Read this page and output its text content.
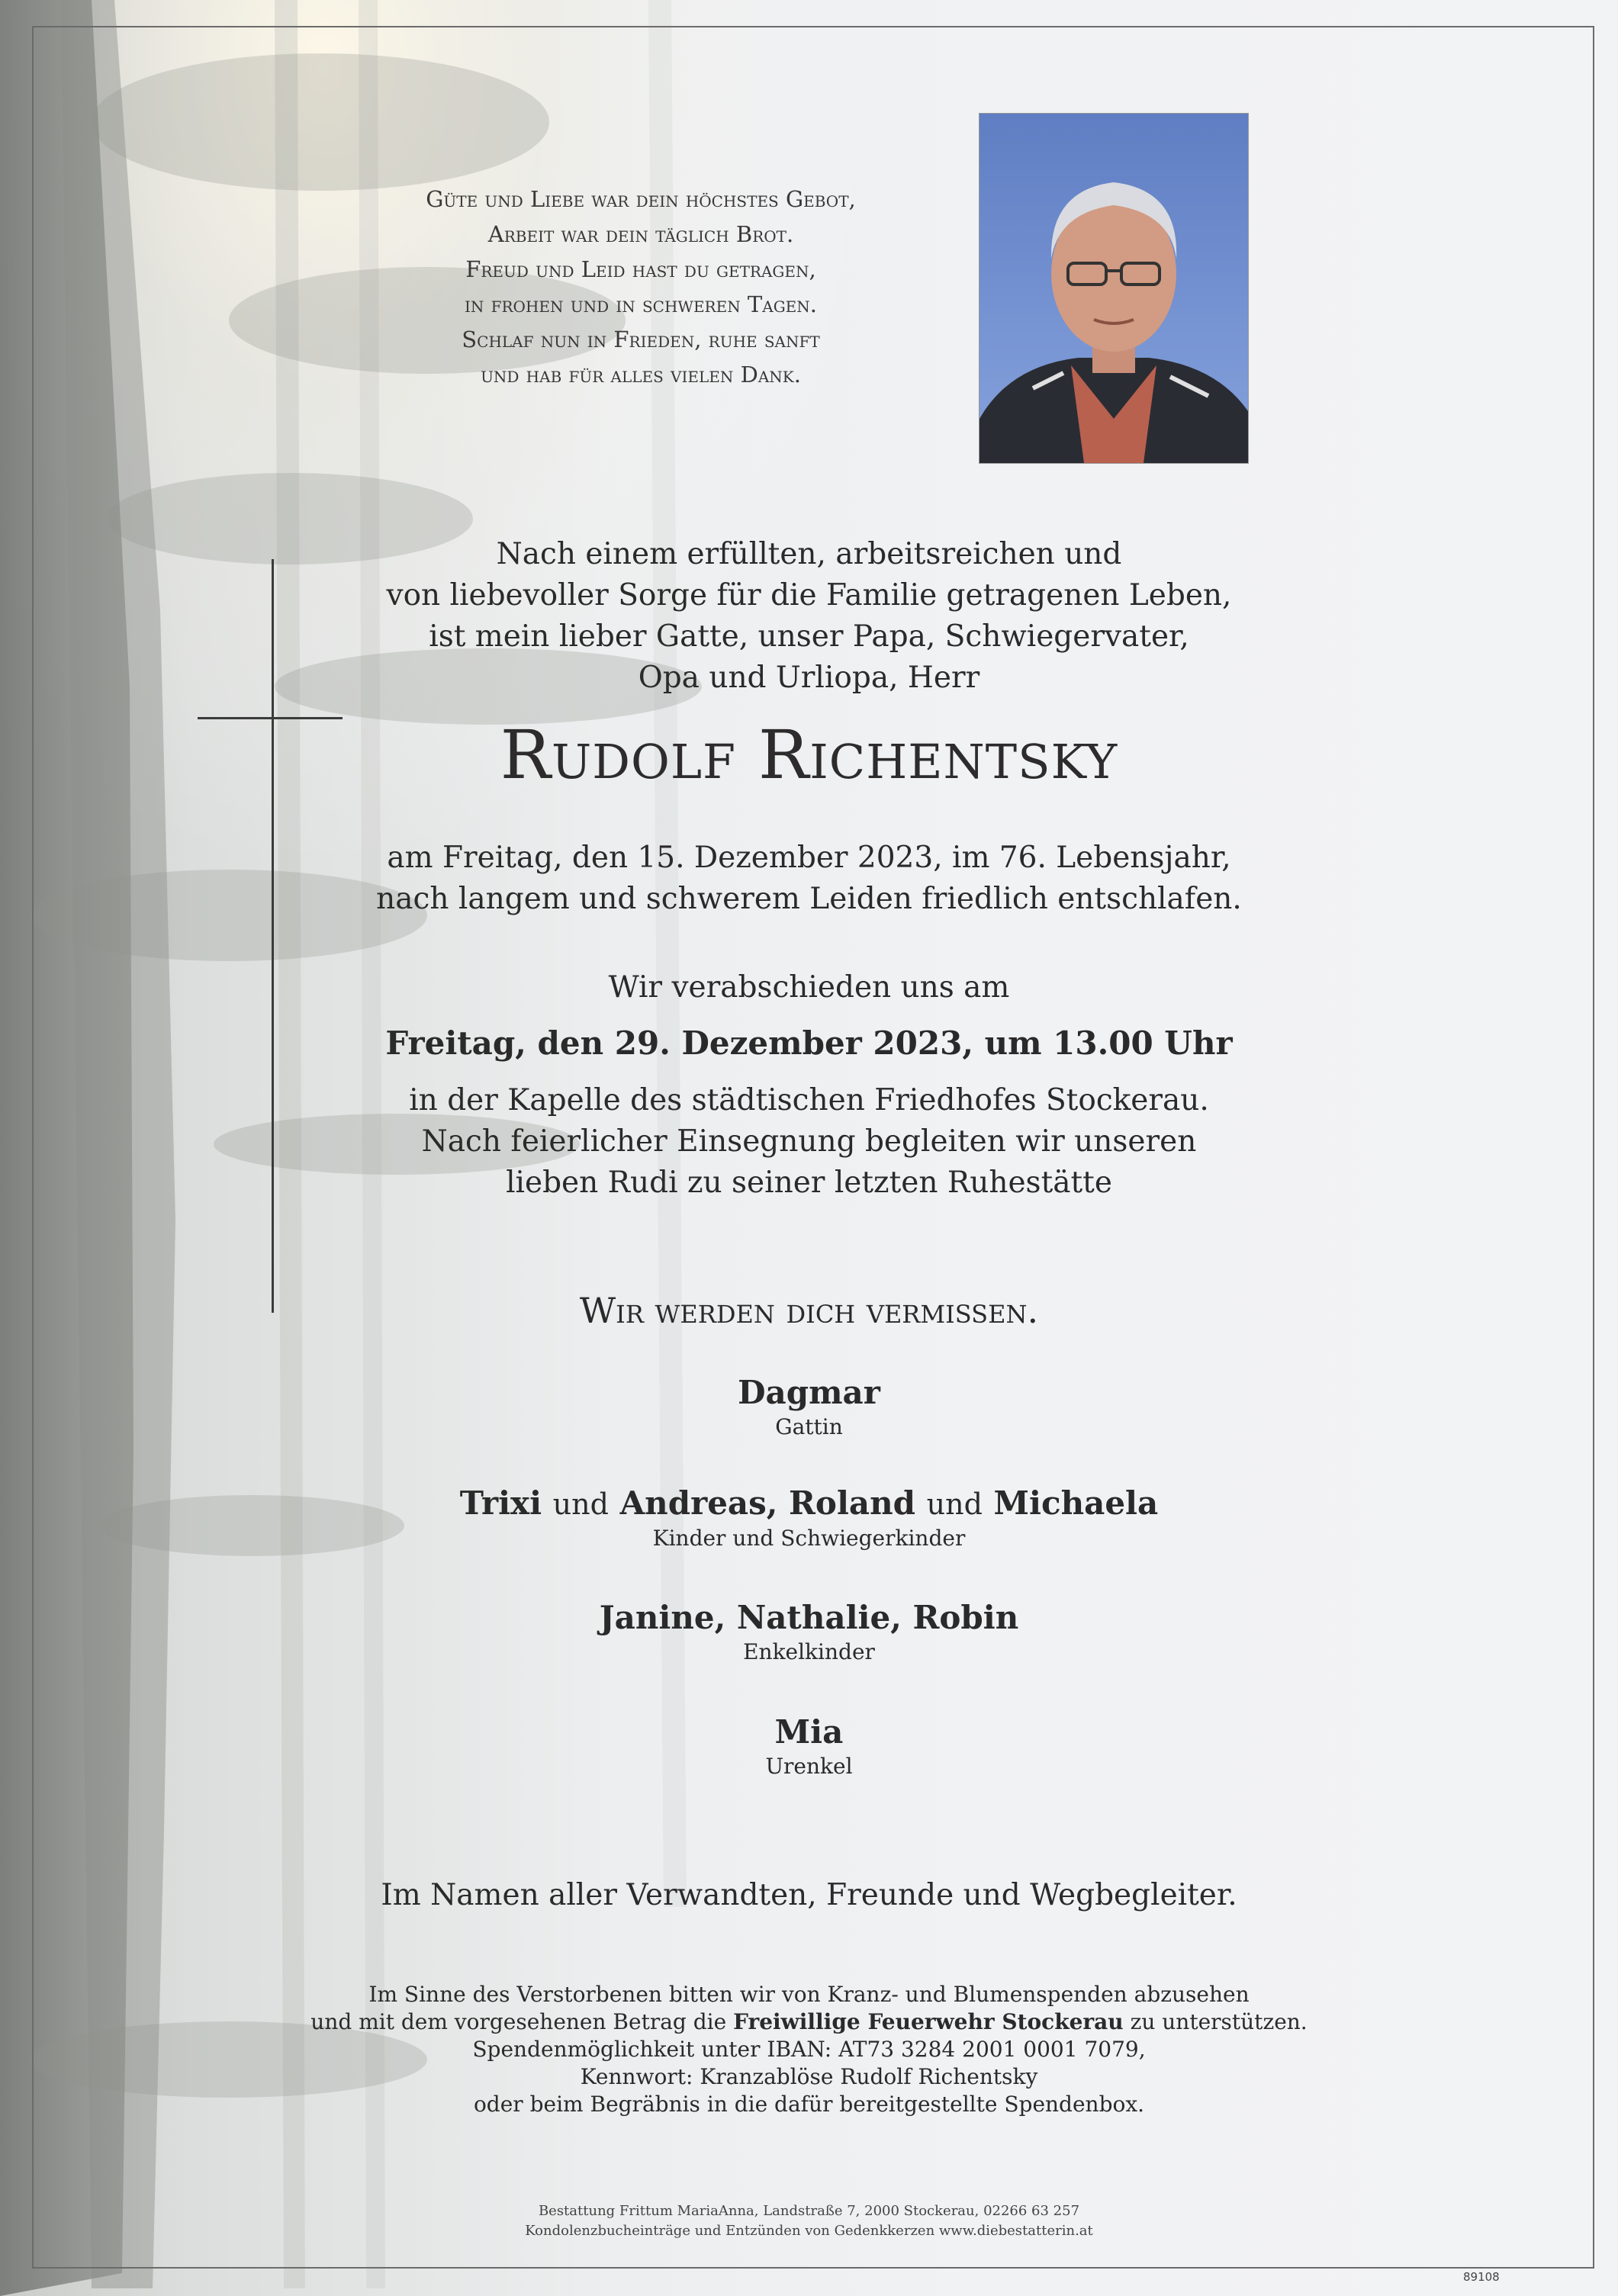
Güte und Liebe war dein höchstes Gebot,
Arbeit war dein täglich Brot.
Freud und Leid hast du getragen,
in frohen und in schweren Tagen.
Schlaf nun in Frieden, ruhe sanft
und hab für alles vielen Dank.
Nach einem erfüllten, arbeitsreichen und
von liebevoller Sorge für die Familie getragenen Leben,
ist mein lieber Gatte, unser Papa, Schwiegervater,
Opa und Urliopa, Herr
Rudolf Richentsky
am Freitag, den 15. Dezember 2023, im 76. Lebensjahr,
nach langem und schwerem Leiden friedlich entschlafen.
Wir verabschieden uns am
Freitag, den 29. Dezember 2023, um 13.00 Uhr
in der Kapelle des städtischen Friedhofes Stockerau.
Nach feierlicher Einsegnung begleiten wir unseren
lieben Rudi zu seiner letzten Ruhestätte
Wir werden dich vermissen.
Dagmar
Gattin
Trixi und Andreas, Roland und Michaela
Kinder und Schwiegerkinder
Janine, Nathalie, Robin
Enkelkinder
Mia
Urenkel
Im Namen aller Verwandten, Freunde und Wegbegleiter.
Im Sinne des Verstorbenen bitten wir von Kranz- und Blumenspenden abzusehen
und mit dem vorgesehenen Betrag die Freiwillige Feuerwehr Stockerau zu unterstützen.
Spendenmöglichkeit unter IBAN: AT73 3284 2001 0001 7079,
Kennwort: Kranzablöse Rudolf Richentsky
oder beim Begräbnis in die dafür bereitgestellte Spendenbox.
Bestattung Frittum MariaAnna, Landstraße 7, 2000 Stockerau, 02266 63 257
Kondolenzbucheinträge und Entzünden von Gedenkkerzen www.diebestatterin.at
89108
